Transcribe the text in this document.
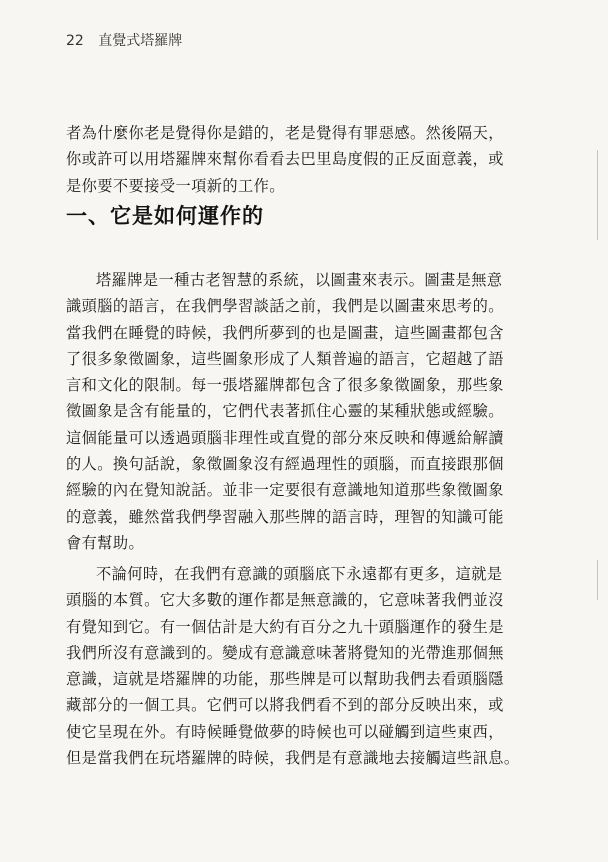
22 直覺式塔羅牌
者為什麼你老是覺得你是錯的，老是覺得有罪惡感。然後隔天，
你或許可以用塔羅牌來幫你看看去巴里島度假的正反面意義，或
是你要不要接受一項新的工作。
一、它是如何運作的
塔羅牌是一種古老智慧的系統，以圖畫來表示。圖畫是無意
識頭腦的語言，在我們學習談話之前，我們是以圖畫來思考的。
當我們在睡覺的時候，我們所夢到的也是圖畫，這些圖畫都包含
了很多象徵圖象，這些圖象形成了人類普遍的語言，它超越了語
言和文化的限制。每一張塔羅牌都包含了很多象徵圖象，那些象
徵圖象是含有能量的，它們代表著抓住心靈的某種狀態或經驗。
這個能量可以透過頭腦非理性或直覺的部分來反映和傳遞給解讀
的人。換句話說，象徵圖象沒有經過理性的頭腦，而直接跟那個
經驗的內在覺知說話。並非一定要很有意識地知道那些象徵圖象
的意義，雖然當我們學習融入那些牌的語言時，理智的知識可能
會有幫助。
不論何時，在我們有意識的頭腦底下永遠都有更多，這就是
頭腦的本質。它大多數的運作都是無意識的，它意味著我們並沒
有覺知到它。有一個估計是大約有百分之九十頭腦運作的發生是
我們所沒有意識到的。變成有意識意味著將覺知的光帶進那個無
意識，這就是塔羅牌的功能，那些牌是可以幫助我們去看頭腦隱
藏部分的一個工具。它們可以將我們看不到的部分反映出來，或
使它呈現在外。有時候睡覺做夢的時候也可以碰觸到這些東西，
但是當我們在玩塔羅牌的時候，我們是有意識地去接觸這些訊息。
